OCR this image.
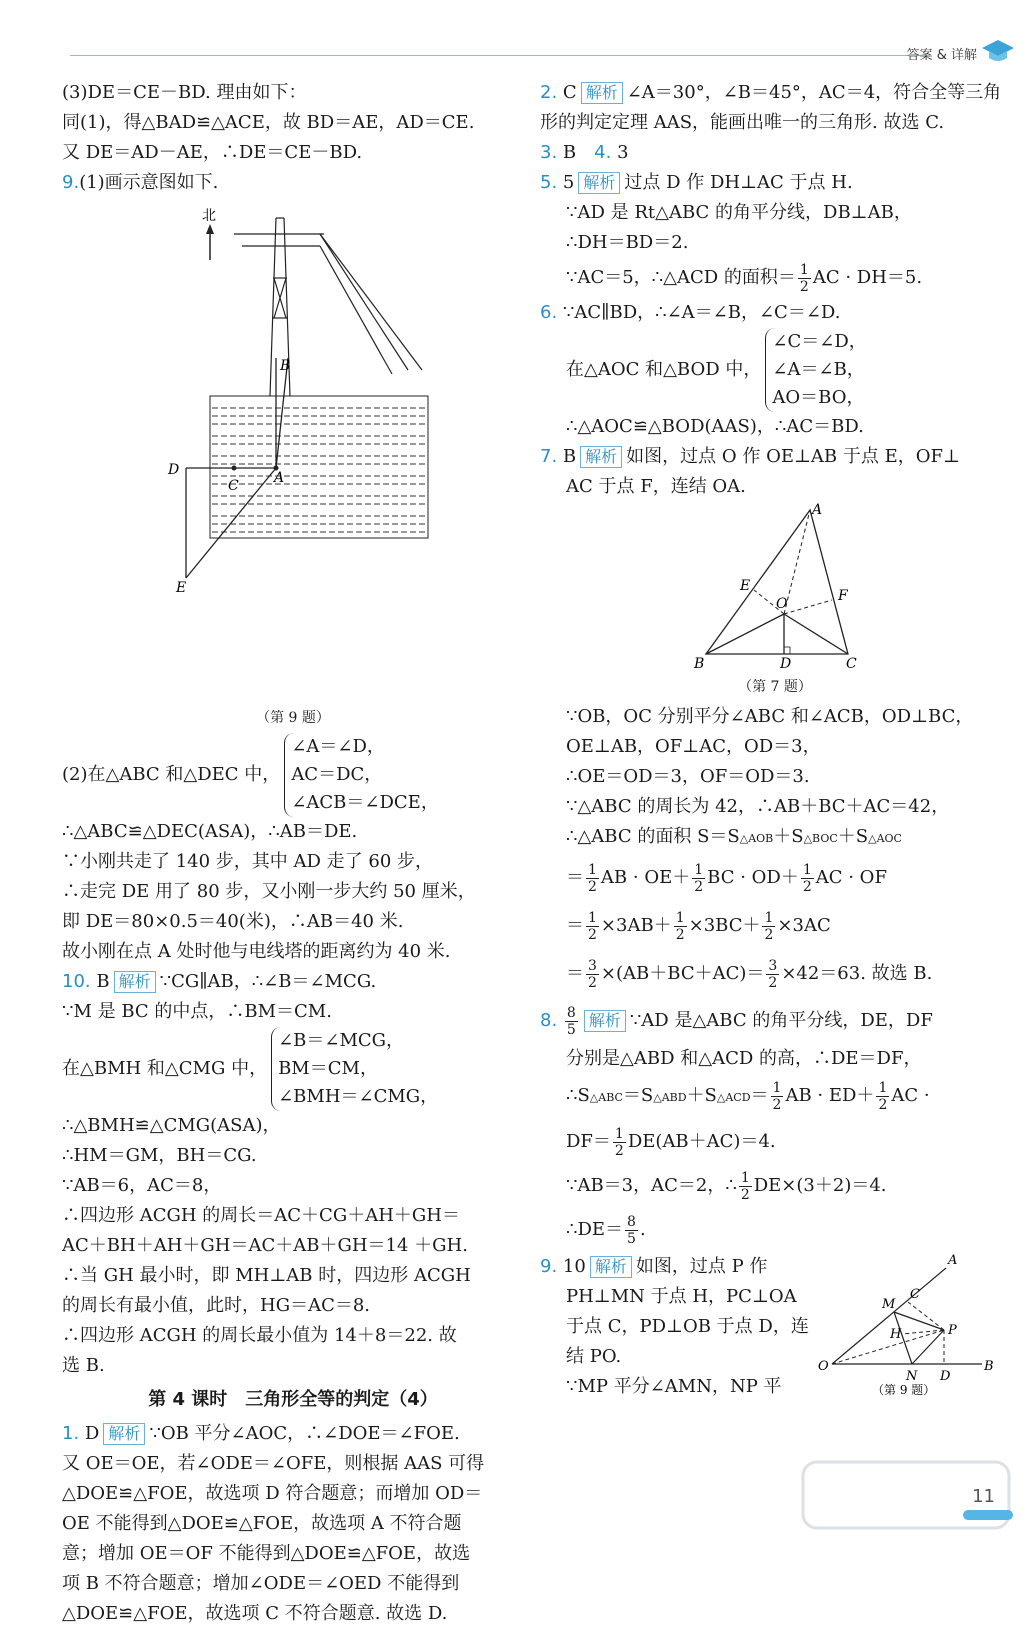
答案 & 详解
(3)DE＝CE－BD. 理由如下：
同(1)，得△BAD≌△ACE，故 BD＝AE，AD＝CE.
又 DE＝AD－AE，∴DE＝CE－BD.
9.(1)画示意图如下.
北
D
C	A
E
B
（第 9 题）
(2)在△ABC 和△DEC 中，
∠A＝∠D，
AC＝DC，
∠ACB＝∠DCE，
∴△ABC≌△DEC(ASA)，∴AB＝DE.
∵小刚共走了 140 步，其中 AD 走了 60 步，
∴走完 DE 用了 80 步，又小刚一步大约 50 厘米，
即 DE＝80×0.5＝40(米)，∴AB＝40 米.
故小刚在点 A 处时他与电线塔的距离约为 40 米.
10. B 解析 ∵CG∥AB，∴∠B＝∠MCG.
∵M 是 BC 的中点，∴BM＝CM.
在△BMH 和△CMG 中，
∠B＝∠MCG，
BM＝CM，
∠BMH＝∠CMG，
∴△BMH≌△CMG(ASA)，
∴HM＝GM，BH＝CG.
∵AB＝6，AC＝8，
∴四边形 ACGH 的周长＝AC＋CG＋AH＋GH＝
AC＋BH＋AH＋GH＝AC＋AB＋GH＝14 ＋GH.
∴当 GH 最小时，即 MH⊥AB 时，四边形 ACGH
的周长有最小值，此时，HG＝AC＝8.
∴四边形 ACGH 的周长最小值为 14＋8＝22. 故
选 B.
第 4 课时　三角形全等的判定（4）
1. D 解析 ∵OB 平分∠AOC，∴∠DOE＝∠FOE.
又 OE＝OE，若∠ODE＝∠OFE，则根据 AAS 可得
△DOE≌△FOE，故选项 D 符合题意；而增加 OD＝
OE 不能得到△DOE≌△FOE，故选项 A 不符合题
意；增加 OE＝OF 不能得到△DOE≌△FOE，故选
项 B 不符合题意；增加∠ODE＝∠OED 不能得到
△DOE≌△FOE，故选项 C 不符合题意. 故选 D.
2. C 解析 ∠A＝30°，∠B＝45°，AC＝4，符合全等三角
形的判定定理 AAS，能画出唯一的三角形. 故选 C.
3. B　 4. 3
5. 5 解析 过点 D 作 DH⊥AC 于点 H.
∵AD 是 Rt△ABC 的角平分线，DB⊥AB，
∴DH＝BD＝2.
∵AC＝5，∴△ACD 的面积＝ $\frac{1}{2}$ AC · DH＝5.
6. ∵AC∥BD，∴∠A＝∠B，∠C＝∠D.
在△AOC 和△BOD 中，
∠C＝∠D，
∠A＝∠B，
AO＝BO，
∴△AOC≌△BOD(AAS)，∴AC＝BD.
7. B 解析 如图，过点 O 作 OE⊥AB 于点 E，OF⊥
AC 于点 F，连结 OA.
A
E
O	F
B	D	C
（第 7 题）
∵OB，OC 分别平分∠ABC 和∠ACB，OD⊥BC，
OE⊥AB，OF⊥AC，OD＝3，
∴OE＝OD＝3，OF＝OD＝3.
∵△ABC 的周长为 42，∴AB＋BC＋AC＝42，
∴△ABC 的面积 S＝S△AOB＋S△BOC＋S△AOC
＝ $\frac{1}{2}$ AB · $OE+ \frac{1}{2}$ BC · $OD+ \frac{1}{2}$ AC · OF
＝ $\frac{1}{2} \times 3AB+ \frac{1}{2} \times 3BC+ \frac{1}{2} \times 3AC$
＝ $\frac{3}{2} \times(AB+BC+AC)= \frac{3}{2} \times 42=63$. 故选 B.
8. $\frac{8}{5}$ 解析 ∵AD 是△ABC 的角平分线，DE，DF
分别是△ABD 和△ACD 的高，∴DE＝DF，
∴S△ABC＝S△ABD＋S△ACD＝ $\frac{1}{2}$ AB · $ED+ \frac{1}{2}$ AC ·
$DF= \frac{1}{2} DE(AB+AC)=4$.
∵AB＝3，AC＝2，∴ $\frac{1}{2} DE\times(3+2)=4$.
∴DE＝ $\frac{8}{5}$ .
9. 10 解析 如图，过点 P 作
PH⊥MN 于点 H，PC⊥OA
于点 C，PD⊥OB 于点 D，连
结 PO.
∵MP 平分∠AMN，NP 平
A
C
M
H	P
O
N D
B
（第 9 题）
11
